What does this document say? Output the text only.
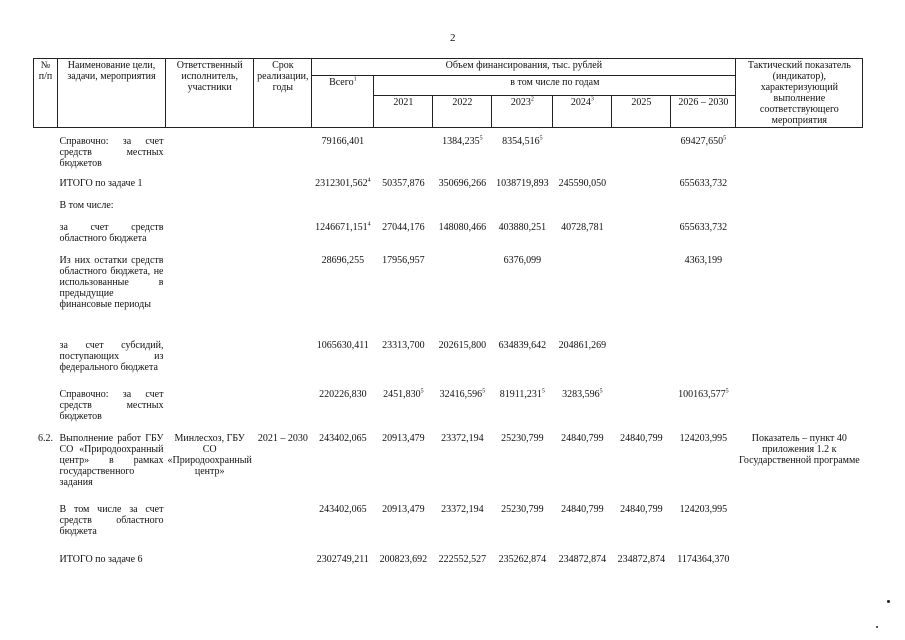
2
№ п/п	Наименование цели, задачи, мероприятия	Ответственный исполнитель, участники	Срок реализации, годы	Объем финансирования, тыс. рублей							Тактический показатель (индикатор), характеризующий выполнение соответствующего мероприятия
				Всего$^1$	в том числе по годам						
					2021	2022	2023$^2$	2024$^3$	2025	2026 – 2030	
	Справочно: за счет средств местных бюджетов			79166,401		1384,235$^5$	8354,516$^5$			69427,650$^5$	
	ИТОГО по задаче 1			2312301,562$^4$	50357,876	350696,266	1038719,893	245590,050		655633,732	
	В том числе:										
	за счет средств областного бюджета			1246671,151$^4$	27044,176	148080,466	403880,251	40728,781		655633,732	
	Из них остатки средств областного бюджета, не использованные в предыдущие финансовые периоды			28696,255	17956,957		6376,099			4363,199	
	за счет субсидий, поступающих из федерального бюджета			1065630,411	23313,700	202615,800	634839,642	204861,269			
	Справочно: за счет средств местных бюджетов			220226,830	2451,830$^5$	32416,596$^5$	81911,231$^5$	3283,596$^5$		100163,577$^5$	
6.2.	Выполнение работ ГБУ СО «Природоохранный центр» в рамках государственного задания	Минлесхоз, ГБУ СО «Природоохранный центр»	2021 – 2030	243402,065	20913,479	23372,194	25230,799	24840,799	24840,799	124203,995	Показатель – пункт 40 приложения 1.2 к Государственной программе
	В том числе за счет средств областного бюджета			243402,065	20913,479	23372,194	25230,799	24840,799	24840,799	124203,995	
	ИТОГО по задаче 6			2302749,211	200823,692	222552,527	235262,874	234872,874	234872,874	1174364,370	
